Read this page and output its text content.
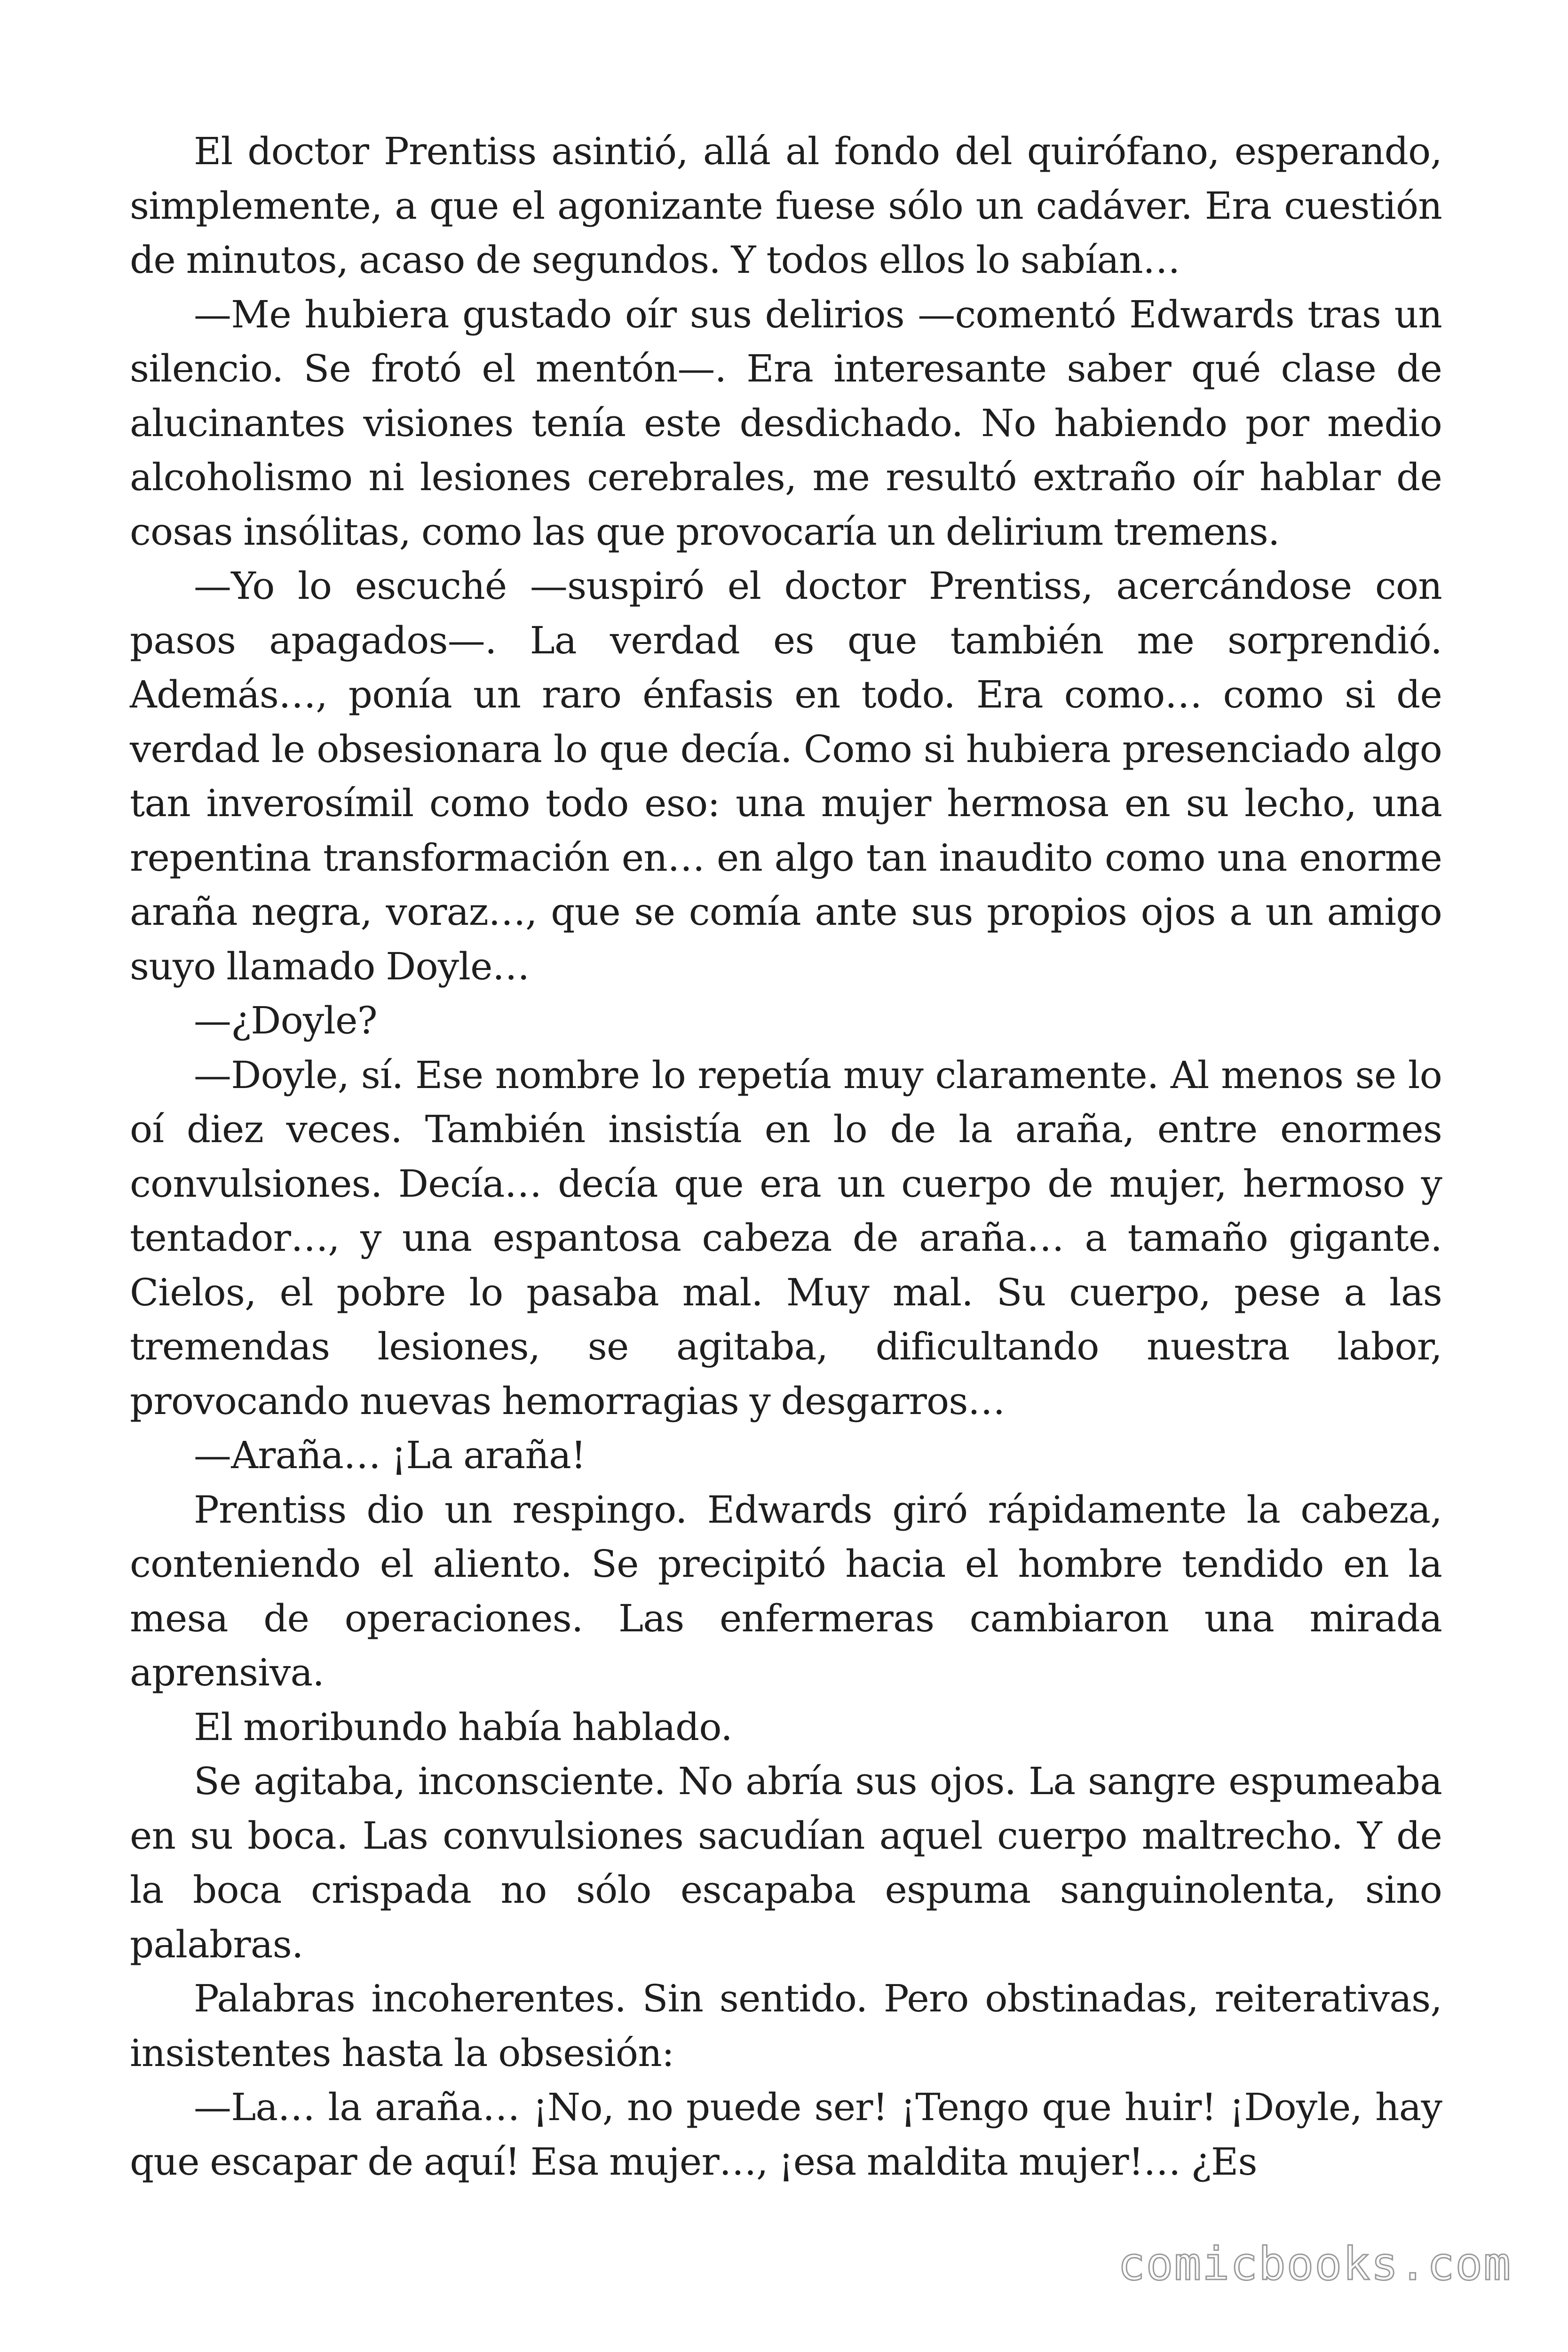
El doctor Prentiss asintió, allá al fondo del quirófano, esperando, simplemente, a que el agonizante fuese sólo un cadáver. Era cuestión de minutos, acaso de segundos. Y todos ellos lo sabían…

—Me hubiera gustado oír sus delirios —comentó Edwards tras un silencio. Se frotó el mentón—. Era interesante saber qué clase de alucinantes visiones tenía este desdichado. No habiendo por medio alcoholismo ni lesiones cerebrales, me resultó extraño oír hablar de cosas insólitas, como las que provocaría un delirium tremens.

—Yo lo escuché —suspiró el doctor Prentiss, acercándose con pasos apagados—. La verdad es que también me sorprendió. Además…, ponía un raro énfasis en todo. Era como… como si de verdad le obsesionara lo que decía. Como si hubiera presenciado algo tan inverosímil como todo eso: una mujer hermosa en su lecho, una repentina transformación en… en algo tan inaudito como una enorme araña negra, voraz…, que se comía ante sus propios ojos a un amigo suyo llamado Doyle…

—¿Doyle?

—Doyle, sí. Ese nombre lo repetía muy claramente. Al menos se lo oí diez veces. También insistía en lo de la araña, entre enormes convulsiones. Decía… decía que era un cuerpo de mujer, hermoso y tentador…, y una espantosa cabeza de araña… a tamaño gigante. Cielos, el pobre lo pasaba mal. Muy mal. Su cuerpo, pese a las tremendas lesiones, se agitaba, dificultando nuestra labor, provocando nuevas hemorragias y desgarros…

—Araña… ¡La araña!

Prentiss dio un respingo. Edwards giró rápidamente la cabeza, conteniendo el aliento. Se precipitó hacia el hombre tendido en la mesa de operaciones. Las enfermeras cambiaron una mirada aprensiva.

El moribundo había hablado.

Se agitaba, inconsciente. No abría sus ojos. La sangre espumeaba en su boca. Las convulsiones sacudían aquel cuerpo maltrecho. Y de la boca crispada no sólo escapaba espuma sanguinolenta, sino palabras.

Palabras incoherentes. Sin sentido. Pero obstinadas, reiterativas, insistentes hasta la obsesión:

—La… la araña… ¡No, no puede ser! ¡Tengo que huir! ¡Doyle, hay que escapar de aquí! Esa mujer…, ¡esa maldita mujer!… ¿Es

comicbooks.com
